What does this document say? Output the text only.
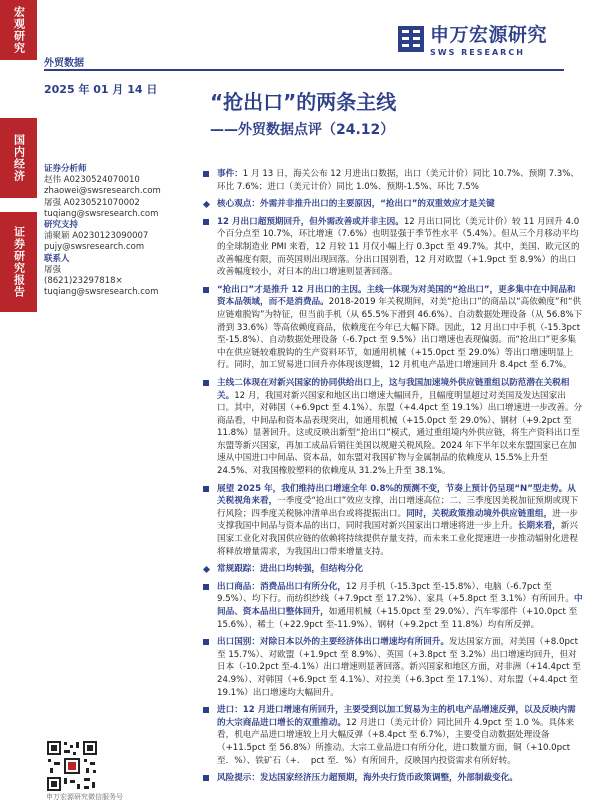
宏观研究
国内经济
证券研究报告
申万宏源研究
SWS RESEARCH
外贸数据
2025 年 01 月 14 日
“抢出口”的两条主线
——外贸数据点评（24.12）
证券分析师
赵伟 A0230524070010
zhaowei@swsresearch.com
屠强 A0230521070002
tuqiang@swsresearch.com
研究支持
浦聚颖 A0230123090007
pujy@swsresearch.com
联系人
屠强
(8621)23297818×
tuqiang@swsresearch.com
申万宏源研究微信服务号
事件：1 月 13 日，海关公布 12 月进出口数据，出口（美元计价）同比 10.7%、预期 7.3%、环比 7.6%；进口（美元计价）同比 1.0%、预期-1.5%、环比 7.5%
核心观点：外需并非推升出口的主要原因，“抢出口”的双重效应才是关键
12 月出口超预期回升，但外需改善或并非主因。12 月出口同比（美元计价）较 11 月回升 4.0 个百分点至 10.7%，环比增速（7.6%）也明显强于季节性水平（5.4%）。但从三个月移动平均的全球制造业 PMI 来看，12 月较 11 月仅小幅上行 0.3pct 至 49.7%。其中，美国、欧元区的改善幅度有限，而英国则出现回落。分出口国别看，12 月对欧盟（+1.9pct 至 8.9%）的出口改善幅度较小，对日本的出口增速则显著回落。
“抢出口”才是推升 12 月出口的主因。主线一体现为对美国的“抢出口”，更多集中在中间品和资本品领域，而不是消费品。2018-2019 年关税期间，对美“抢出口”的商品以“高依赖度”和“供应链难脱钩”为特征，但当前手机（从 65.5%下滑到 46.6%）、自动数据处理设备（从 56.8%下滑到 33.6%）等高依赖度商品，依赖度在今年已大幅下降。因此，12 月出口中手机（-15.3pct 至-15.8%）、自动数据处理设备（-6.7pct 至 9.5%）出口增速也表现偏弱。而“抢出口”更多集中在供应链较难脱钩的生产资料环节，如通用机械（+15.0pct 至 29.0%）等出口增速明显上行。同时，加工贸易进口回升亦体现该逻辑，12 月机电产品进口增速回升 8.4pct 至 6.7%。
主线二体现在对新兴国家的协同供给出口上，这与我国加速境外供应链重组以防范潜在关税相关。12 月，我国对新兴国家和地区出口增速大幅回升，且幅度明显超过对美国及发达国家出口。其中，对韩国（+6.9pct 至 4.1%）、东盟（+4.4pct 至 19.1%）出口增速进一步改善。分商品看，中间品和资本品表现突出，如通用机械（+15.0pct 至 29.0%）、钢材（+9.2pct 至 11.8%）显著回升。这或反映出新型“抢出口”模式，通过重组境内外供应链，将生产资料出口至东盟等新兴国家，再加工成品后销往美国以规避关税风险。2024 年下半年以来东盟国家已在加速从中国进口中间品、资本品，如东盟对我国矿物与金属制品的依赖度从 15.5%上升至 24.5%、对我国橡胶塑料的依赖度从 31.2%上升至 38.1%。
展望 2025 年，我们维持出口增速全年 0.8%的预测不变，节奏上预计仍呈现“N”型走势。从关税视角来看，一季度受“抢出口”效应支撑，出口增速高位；二、三季度因美税加征预期或现下行风险；四季度关税脉冲清单出台或将提振出口。同时，关税政策推动境外供应链重组，进一步支撑我国中间品与资本品的出口，同时我国对新兴国家出口增速将进一步上升。长期来看，新兴国家工业化对我国供应链的依赖将持续提供存量支持，而未来工业化提速进一步推动辐射化进程将释放增量需求，为我国出口带来增量支持。
常规跟踪：进出口均转强，但结构分化
出口商品：消费品出口有所分化，12 月手机（-15.3pct 至-15.8%）、电脑（-6.7pct 至 9.5%）、均下行。而纺织纱线（+7.9pct 至 17.2%）、家具（+5.8pct 至 3.1%）有所回升。中间品、资本品出口整体回升，如通用机械（+15.0pct 至 29.0%）、汽车零部件（+10.0pct 至 15.6%）、稀土（+22.9pct 至-11.9%）、钢材（+9.2pct 至 11.8%）均有所反弹。
出口国别：对除日本以外的主要经济体出口增速均有所回升。发达国家方面，对美国（+8.0pct 至 15.7%）、对欧盟（+1.9pct 至 8.9%）、英国（+3.8pct 至 3.2%）出口增速均回升，但对日本（-10.2pct 至-4.1%）出口增速则显著回落。新兴国家和地区方面，对非洲（+14.4pct 至 24.9%）、对韩国（+6.9pct 至 4.1%）、对拉美（+6.3pct 至 17.1%）、对东盟（+4.4pct 至 19.1%）出口增速均大幅回升。
进口：12 月进口增速有所回升，主要受到以加工贸易为主的机电产品增速反弹，以及反映内需的大宗商品进口增长的双重推动。12 月进口（美元计价）同比回升 4.9pct 至 1.0 %。具体来看，机电产品进口增速较上月大幅反弹（+8.4pct 至 6.7%），主要受自动数据处理设备（+11.5pct 至 56.8%）所推动。大宗工业品进口有所分化，进口数量方面，铜（+10.0pct 至．%）、铁矿石（+.　 pct 至．%）有所回升，反映国内投资需求有所好转。
风险提示：发达国家经济压力超预期，海外央行货币政策调整，外部制裁变化。
